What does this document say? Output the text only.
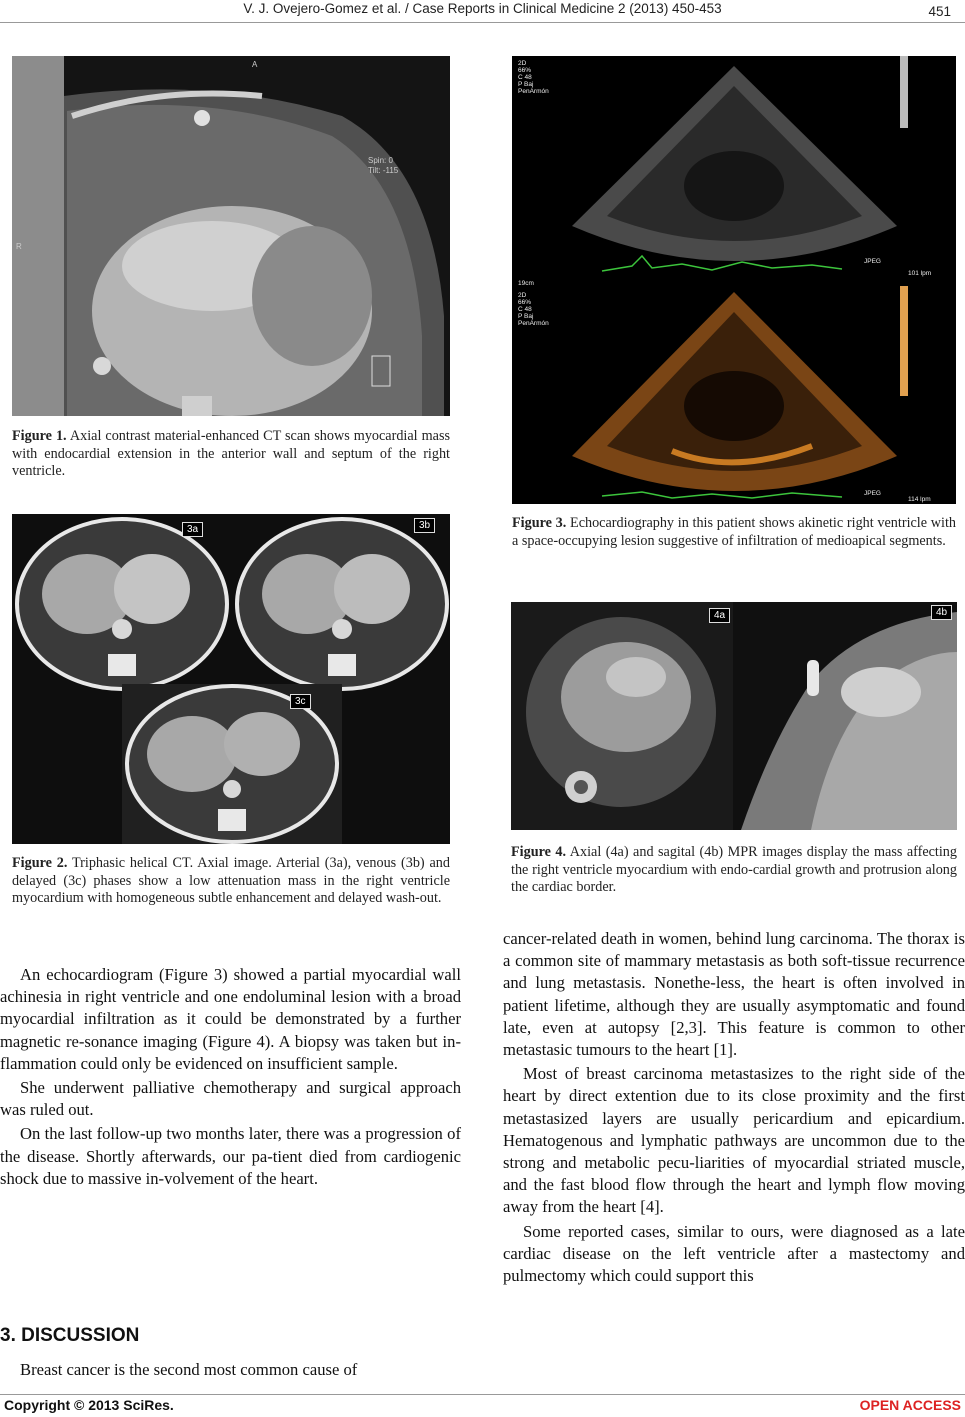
V. J. Ovejero-Gomez et al. / Case Reports in Clinical Medicine 2 (2013) 450-453	451
A
R
Spin: 0
Tilt: -115
Figure 1. Axial contrast material-enhanced CT scan shows myocardial mass with endocardial extension in the anterior wall and septum of the right ventricle.
3a	3b
3c
Figure 2. Triphasic helical CT. Axial image. Arterial (3a), venous (3b) and delayed (3c) phases show a low attenuation mass in the right ventricle myocardium with homogeneous subtle enhancement and delayed wash-out.
2D
66%
C 48
P Baj
PenArmón
19cm
JPEG
101 lpm
2D
66%
C 48
P Baj
PenArmón
JPEG
114 lpm
Figure 3. Echocardiography in this patient shows akinetic right ventricle with a space-occupying lesion suggestive of infiltration of medioapical segments.
4a	4b
Figure 4. Axial (4a) and sagital (4b) MPR images display the mass affecting the right ventricle myocardium with endo-cardial growth and protrusion along the cardiac border.

An echocardiogram (Figure 3) showed a partial myocardial wall achinesia in right ventricle and one endoluminal lesion with a broad myocardial infiltration as it could be demonstrated by a further magnetic re-sonance imaging (Figure 4). A biopsy was taken but in-flammation could only be evidenced on insufficient sample.

She underwent palliative chemotherapy and surgical approach was ruled out.

On the last follow-up two months later, there was a progression of the disease. Shortly afterwards, our pa-tient died from cardiogenic shock due to massive in-volvement of the heart.

3. DISCUSSION

Breast cancer is the second most common cause of

cancer-related death in women, behind lung carcinoma. The thorax is a common site of mammary metastasis as both soft-tissue recurrence and lung metastasis. Nonethe-less, the heart is often involved in patient lifetime, although they are usually asymptomatic and found late, even at autopsy [2,3]. This feature is common to other metastasic tumours to the heart [1].

Most of breast carcinoma metastasizes to the right side of the heart by direct extention due to its close proximity and the first metastasized layers are usually pericardium and epicardium. Hematogenous and lymphatic pathways are uncommon due to the strong and metabolic pecu-liarities of myocardial striated muscle, and the fast blood flow through the heart and lymph flow moving away from the heart [4].

Some reported cases, similar to ours, were diagnosed as a late cardiac disease on the left ventricle after a mastectomy and pulmectomy which could support this

Copyright © 2013 SciRes.	OPEN ACCESS
